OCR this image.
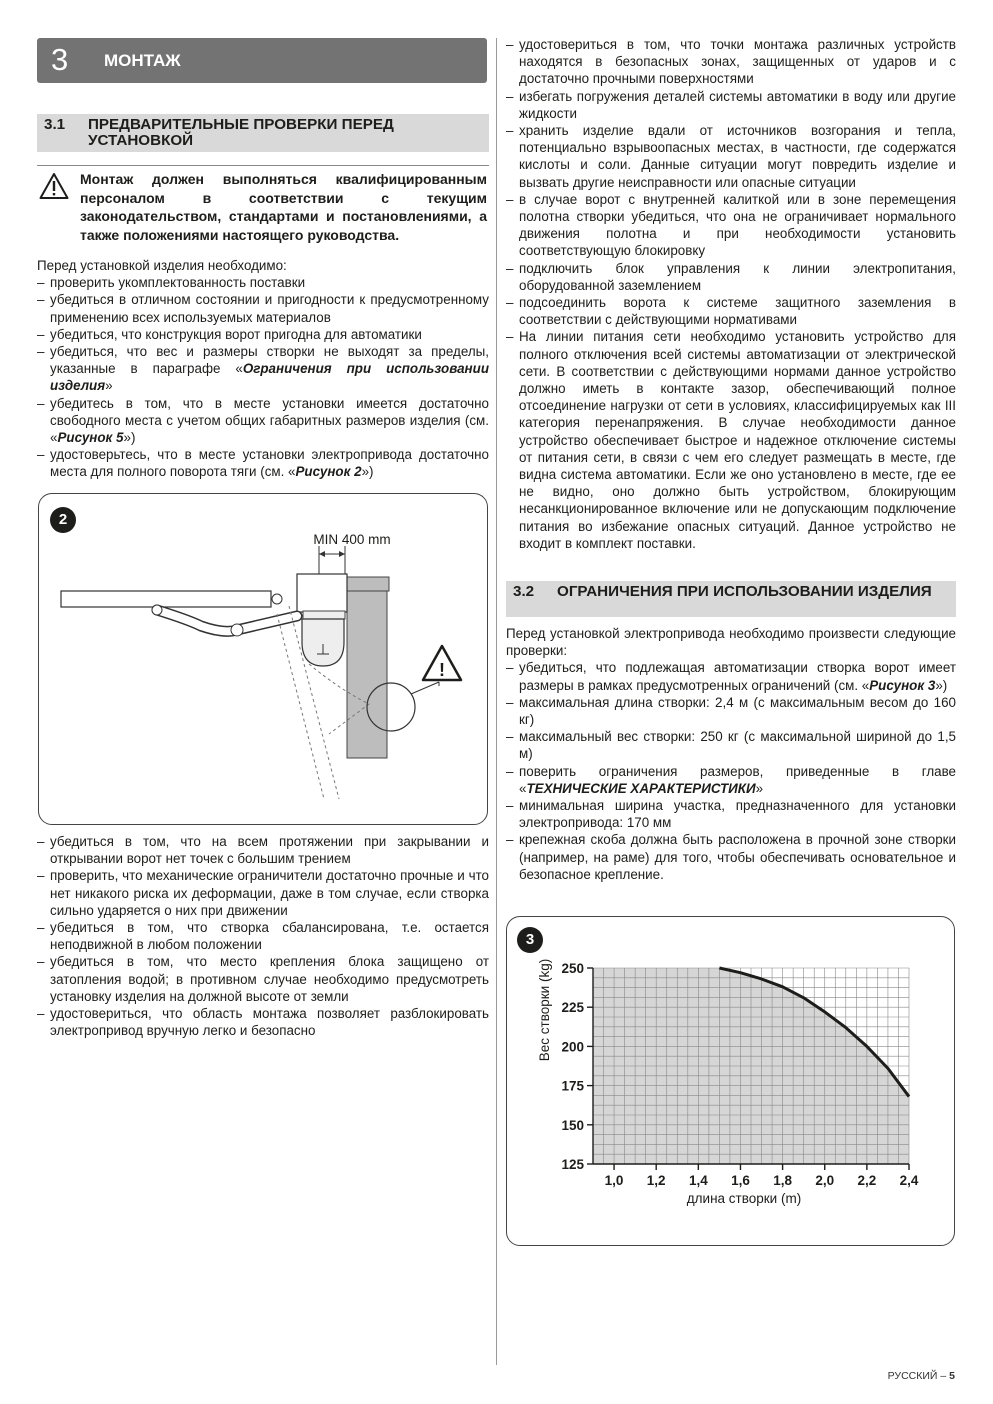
3 МОНТАЖ
3.1 ПРЕДВАРИТЕЛЬНЫЕ ПРОВЕРКИ ПЕРЕД УСТАНОВКОЙ
Монтаж должен выполняться квалифицированным персоналом в соответствии с текущим законодательством, стандартами и постановлениями, а также положениями настоящего руководства.
Перед установкой изделия необходимо:
– проверить укомплектованность поставки
– убедиться в отличном состоянии и пригодности к предусмотренному применению всех используемых материалов
– убедиться, что конструкция ворот пригодна для автоматики
– убедиться, что вес и размеры створки не выходят за пределы, указанные в параграфе «Ограничения при использовании изделия»
– убедитесь в том, что в месте установки имеется достаточно свободного места с учетом общих габаритных размеров изделия (см. «Рисунок 5»)
– удостоверьтесь, что в месте установки электропривода достаточно места для полного поворота тяги (см. «Рисунок 2»)
2
!
MIN 400 mm
– убедиться в том, что на всем протяжении при закрывании и открывании ворот нет точек с большим трением
– проверить, что механические ограничители достаточно прочные и что нет никакого риска их деформации, даже в том случае, если створка сильно ударяется о них при движении
– убедиться в том, что створка сбалансирована, т.е. остается неподвижной в любом положении
– убедиться в том, что место крепления блока защищено от затопления водой; в противном случае необходимо предусмотреть установку изделия на должной высоте от земли
– удостовериться, что область монтажа позволяет разблокировать электропривод вручную легко и безопасно
– удостовериться в том, что точки монтажа различных устройств находятся в безопасных зонах, защищенных от ударов и с достаточно прочными поверхностями
– избегать погружения деталей системы автоматики в воду или другие жидкости
– хранить изделие вдали от источников возгорания и тепла, потенциально взрывоопасных местах, в частности, где содержатся кислоты и соли. Данные ситуации могут повредить изделие и вызвать другие неисправности или опасные ситуации
– в случае ворот с внутренней калиткой или в зоне перемещения полотна створки убедиться, что она не ограничивает нормального движения полотна и при необходимости установить соответствующую блокировку
– подключить блок управления к линии электропитания, оборудованной заземлением
– подсоединить ворота к системе защитного заземления в соответствии с действующими нормативами
– На линии питания сети необходимо установить устройство для полного отключения всей системы автоматизации от электрической сети. В соответствии с действующими нормами данное устройство должно иметь в контакте зазор, обеспечивающий полное отсоединение нагрузки от сети в условиях, классифицируемых как III категория перенапряжения. В случае необходимости данное устройство обеспечивает быстрое и надежное отключение системы от питания сети, в связи с чем его следует размещать в месте, где видна система автоматики. Если же оно установлено в месте, где ее не видно, оно должно быть устройством, блокирующим несанкционированное включение или не допускающим подключение питания во избежание опасных ситуаций. Данное устройство не входит в комплект поставки.
3.2 ОГРАНИЧЕНИЯ ПРИ ИСПОЛЬЗОВАНИИ ИЗДЕЛИЯ
Перед установкой электропривода необходимо произвести следующие проверки:
– убедиться, что подлежащая автоматизации створка ворот имеет размеры в рамках предусмотренных ограничений (см. «Рисунок 3»)
– максимальная длина створки: 2,4 м (с максимальным весом до 160 кг)
– максимальный вес створки: 250 кг (с максимальной шириной до 1,5 м)
– поверить ограничения размеров, приведенные в главе «ТЕХНИЧЕСКИЕ ХАРАКТЕРИСТИКИ»
– минимальная ширина участка, предназначенного для установки электропривода: 170 мм
– крепежная скоба должна быть расположена в прочной зоне створки (например, на раме) для того, чтобы обеспечивать основательное и безопасное крепление.
3
125
150
175
200
225
250
1,0 1,2 1,4 1,6 1,8 2,0 2,2 2,4
Вес створки (kg)
длина створки (m)
РУССКИЙ – 5
